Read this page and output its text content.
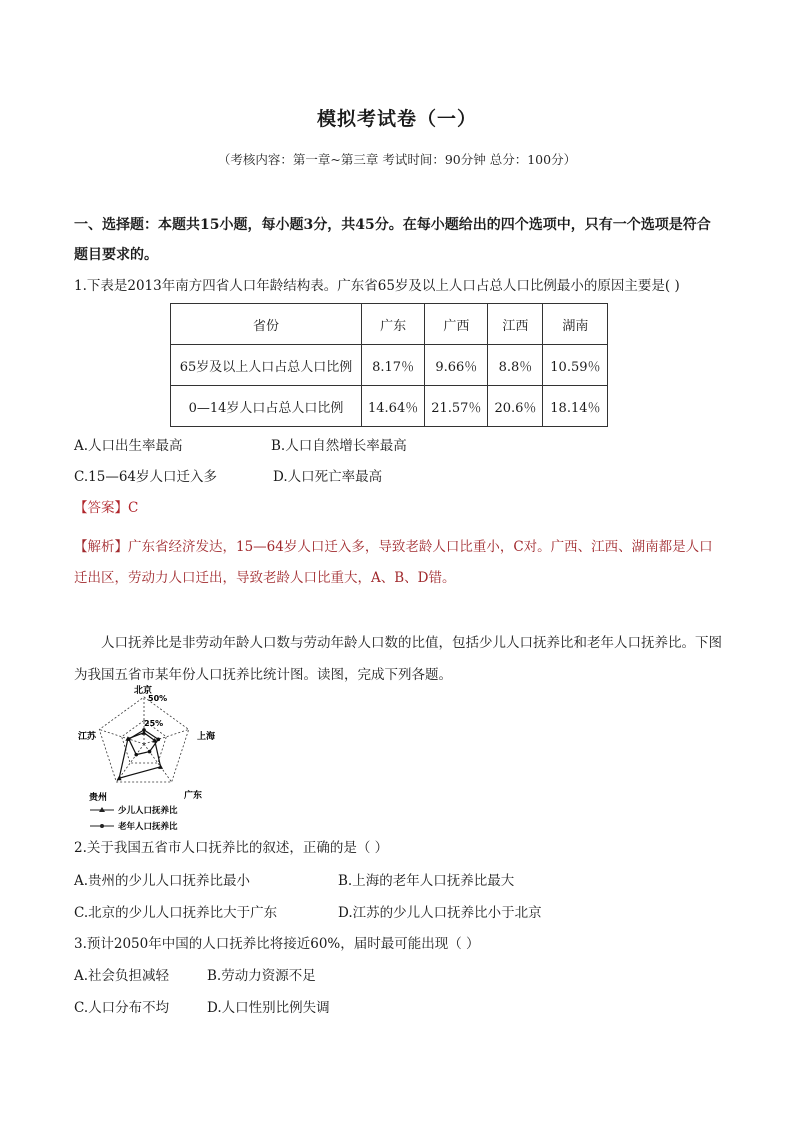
模拟考试卷（一）
（考核内容：第一章~第三章 考试时间：90分钟 总分：100分）
一、选择题：本题共15小题，每小题3分，共45分。在每小题给出的四个选项中，只有一个选项是符合题目要求的。
1.下表是2013年南方四省人口年龄结构表。广东省65岁及以上人口占总人口比例最小的原因主要是( )
省份	广东	广西	江西	湖南
65岁及以上人口占总人口比例	8.17％	9.66％	8.8％	10.59％
0—14岁人口占总人口比例	14.64％	21.57％	20.6％	18.14％
A.人口出生率最高	B.人口自然增长率最高
C.15—64岁人口迁入多	D.人口死亡率最高
【答案】C
【解析】广东省经济发达，15—64岁人口迁入多，导致老龄人口比重小，C对。广西、江西、湖南都是人口迁出区，劳动力人口迁出，导致老龄人口比重大，A、B、D错。
人口抚养比是非劳动年龄人口数与劳动年龄人口数的比值，包括少儿人口抚养比和老年人口抚养比。下图为我国五省市某年份人口抚养比统计图。读图，完成下列各题。
北京
上海
广东
贵州
江苏
50%
25%
少儿人口抚养比
老年人口抚养比
2.关于我国五省市人口抚养比的叙述，正确的是（ ）
A.贵州的少儿人口抚养比最小	B.上海的老年人口抚养比最大
C.北京的少儿人口抚养比大于广东	D.江苏的少儿人口抚养比小于北京
3.预计2050年中国的人口抚养比将接近60%，届时最可能出现（ ）
A.社会负担减轻	B.劳动力资源不足
C.人口分布不均	D.人口性别比例失调
